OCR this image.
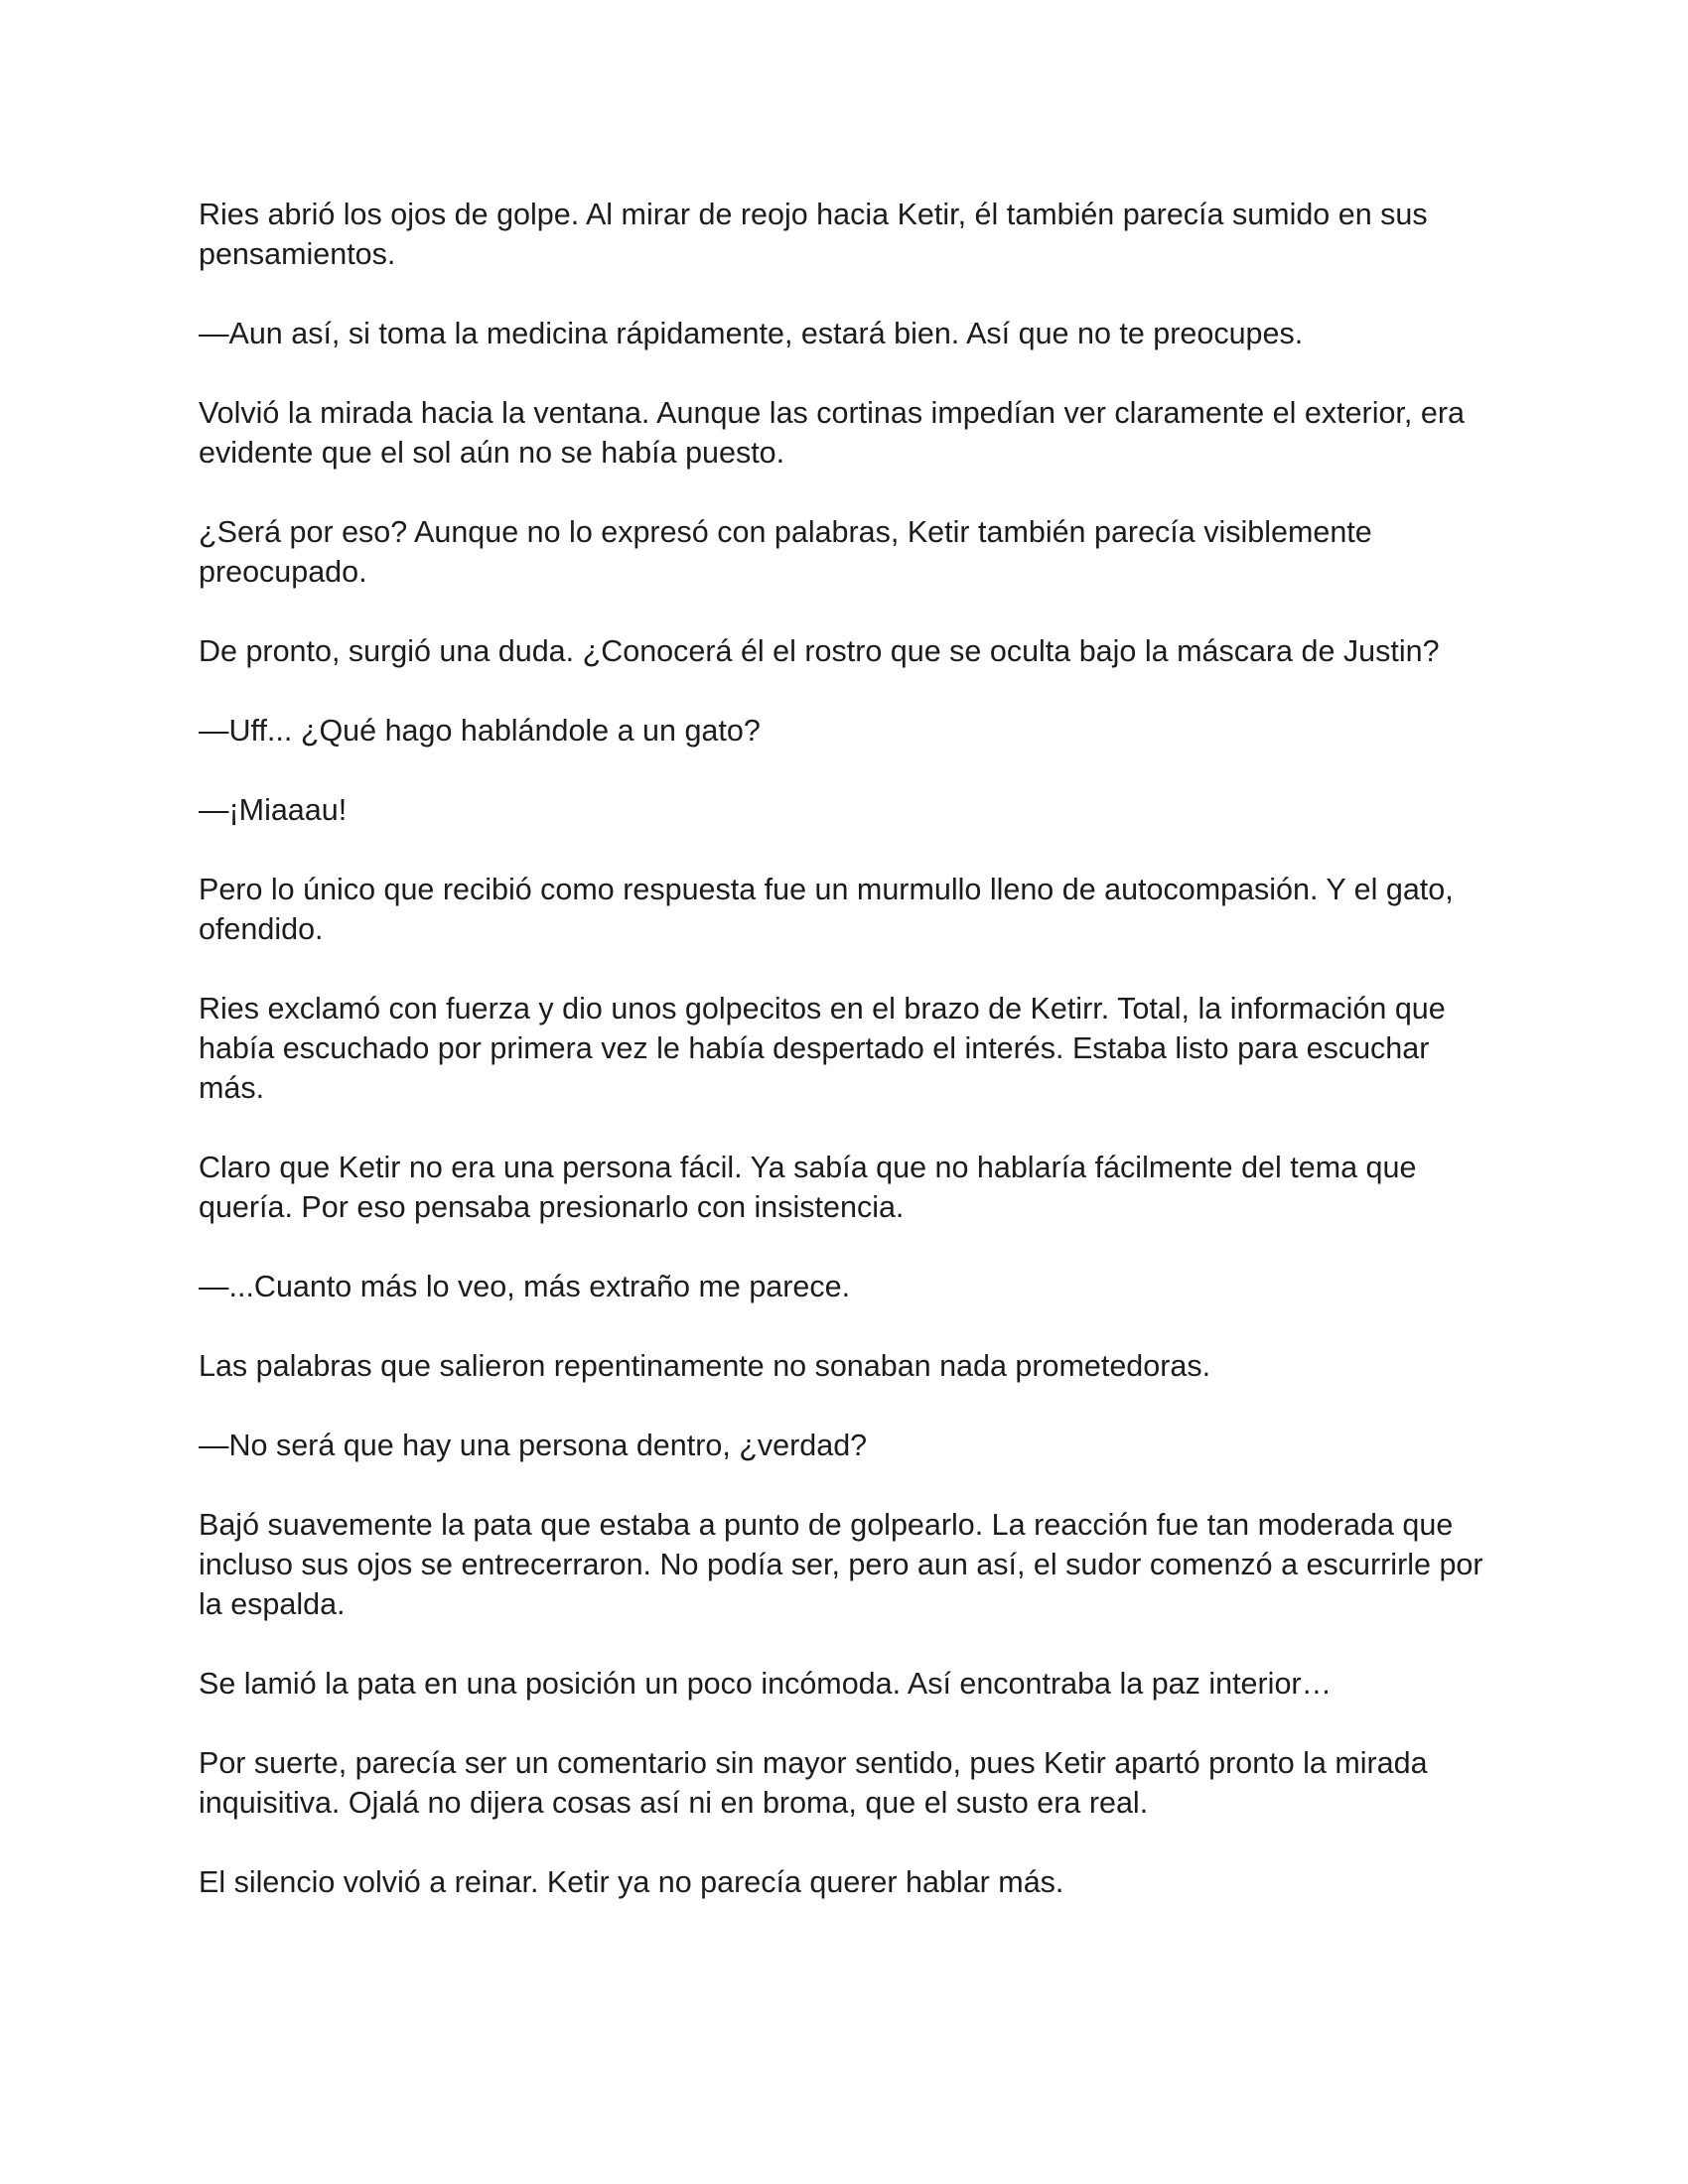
Ries abrió los ojos de golpe. Al mirar de reojo hacia Ketir, él también parecía sumido en sus pensamientos.

—Aun así, si toma la medicina rápidamente, estará bien. Así que no te preocupes.

Volvió la mirada hacia la ventana. Aunque las cortinas impedían ver claramente el exterior, era evidente que el sol aún no se había puesto.

¿Será por eso? Aunque no lo expresó con palabras, Ketir también parecía visiblemente preocupado.

De pronto, surgió una duda. ¿Conocerá él el rostro que se oculta bajo la máscara de Justin?

—Uff... ¿Qué hago hablándole a un gato?

—¡Miaaau!

Pero lo único que recibió como respuesta fue un murmullo lleno de autocompasión. Y el gato, ofendido.

Ries exclamó con fuerza y dio unos golpecitos en el brazo de Ketirr. Total, la información que había escuchado por primera vez le había despertado el interés. Estaba listo para escuchar más.

Claro que Ketir no era una persona fácil. Ya sabía que no hablaría fácilmente del tema que quería. Por eso pensaba presionarlo con insistencia.

—...Cuanto más lo veo, más extraño me parece.

Las palabras que salieron repentinamente no sonaban nada prometedoras.

—No será que hay una persona dentro, ¿verdad?

Bajó suavemente la pata que estaba a punto de golpearlo. La reacción fue tan moderada que incluso sus ojos se entrecerraron. No podía ser, pero aun así, el sudor comenzó a escurrirle por la espalda.

Se lamió la pata en una posición un poco incómoda. Así encontraba la paz interior…

Por suerte, parecía ser un comentario sin mayor sentido, pues Ketir apartó pronto la mirada inquisitiva. Ojalá no dijera cosas así ni en broma, que el susto era real.

El silencio volvió a reinar. Ketir ya no parecía querer hablar más.
